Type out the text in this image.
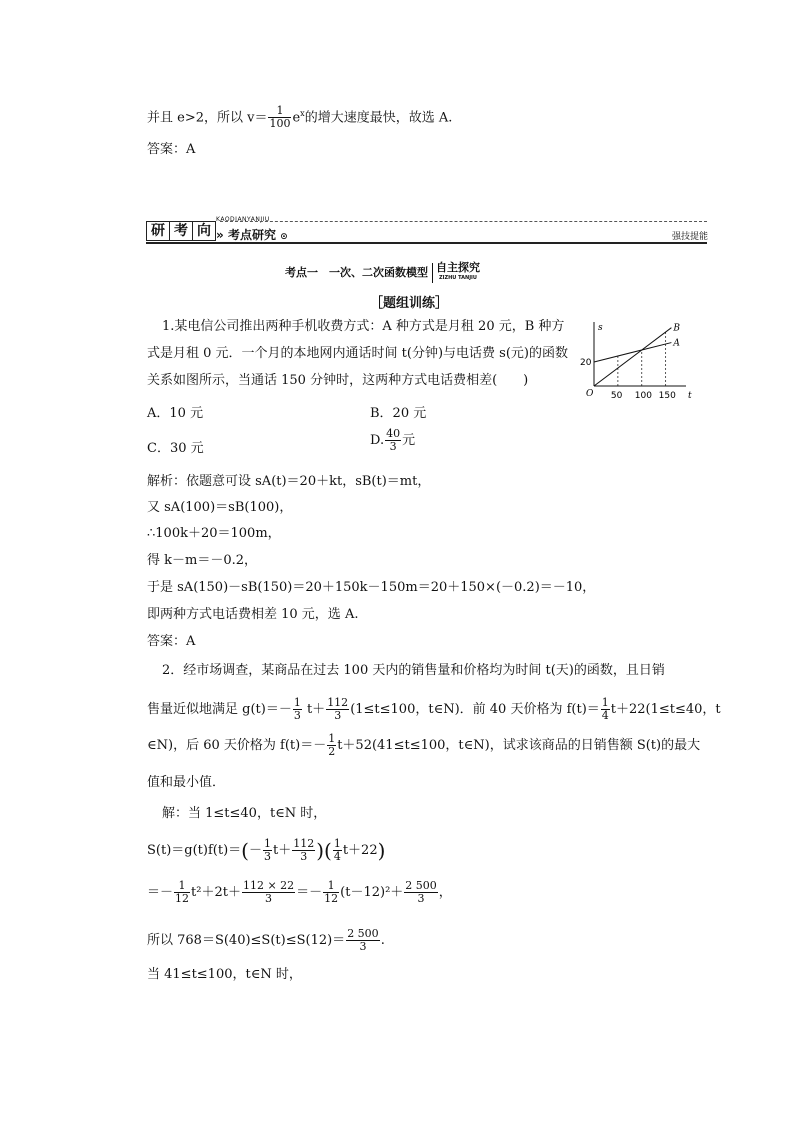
并且 e>2，所以 $v= \frac{1}{100} e^x$的增大速度最快，故选 A.
答案：A
研 考 向
KAODIANYANJIU
» 考点研究 ⊙	强技提能
考点一　一次、二次函数模型 自主探究
ZIZHU TANJIU
［题组训练］
1.某电信公司推出两种手机收费方式：A 种方式是月租 20 元，B 种方
式是月租 0 元．一个月的本地网内通话时间 t(分钟)与电话费 s(元)的函数
关系如图所示，当通话 150 分钟时，这两种方式电话费相差(　　)
t
s
O
20
50 100 150
A
B
A．10 元	B．20 元
C．30 元
D. $\frac{40}{3}$ 元
解析：依题意可设 sA(t)＝20＋kt，sB(t)＝mt，
又 sA(100)＝sB(100)，
∴100k＋20＝100m，
得 k－m＝－0.2，
于是 sA(150)－sB(150)＝20＋150k－150m＝20＋150×(－0.2)＝－10，
即两种方式电话费相差 10 元，选 A.
答案：A
2．经市场调查，某商品在过去 100 天内的销售量和价格均为时间 t(天)的函数，且日销
售量近似地满足 $g(t)=- \frac{1}{3} t+ \frac{112}{3} (1\le t\le 100$，t∈N)．前 40 天价格为 $f(t)= \frac{1}{4} t+22(1\le t\le 40$，t
∈N)，后 60 天价格为 $f(t)=- \frac{1}{2} t+52(41\le t\le 100$，t∈N)，试求该商品的日销售额 S(t)的最大
值和最小值．
解：当 1≤t≤40，t∈N 时，
$S(t)=g(t)f(t)=(- \frac{1}{3} t+ \frac{112}{3}$ )( $\frac{1}{4} t+22$)
＝－ $\frac{1}{12} t^2+2t+ \frac{112 \times 22}{3} =- \frac{1}{12} (t-12)^2+ \frac{2 500}{3}$ ，
所以 $768=S(40)\le S(t)\le S(12)= \frac{2 500}{3}$ .
当 41≤t≤100，t∈N 时，
